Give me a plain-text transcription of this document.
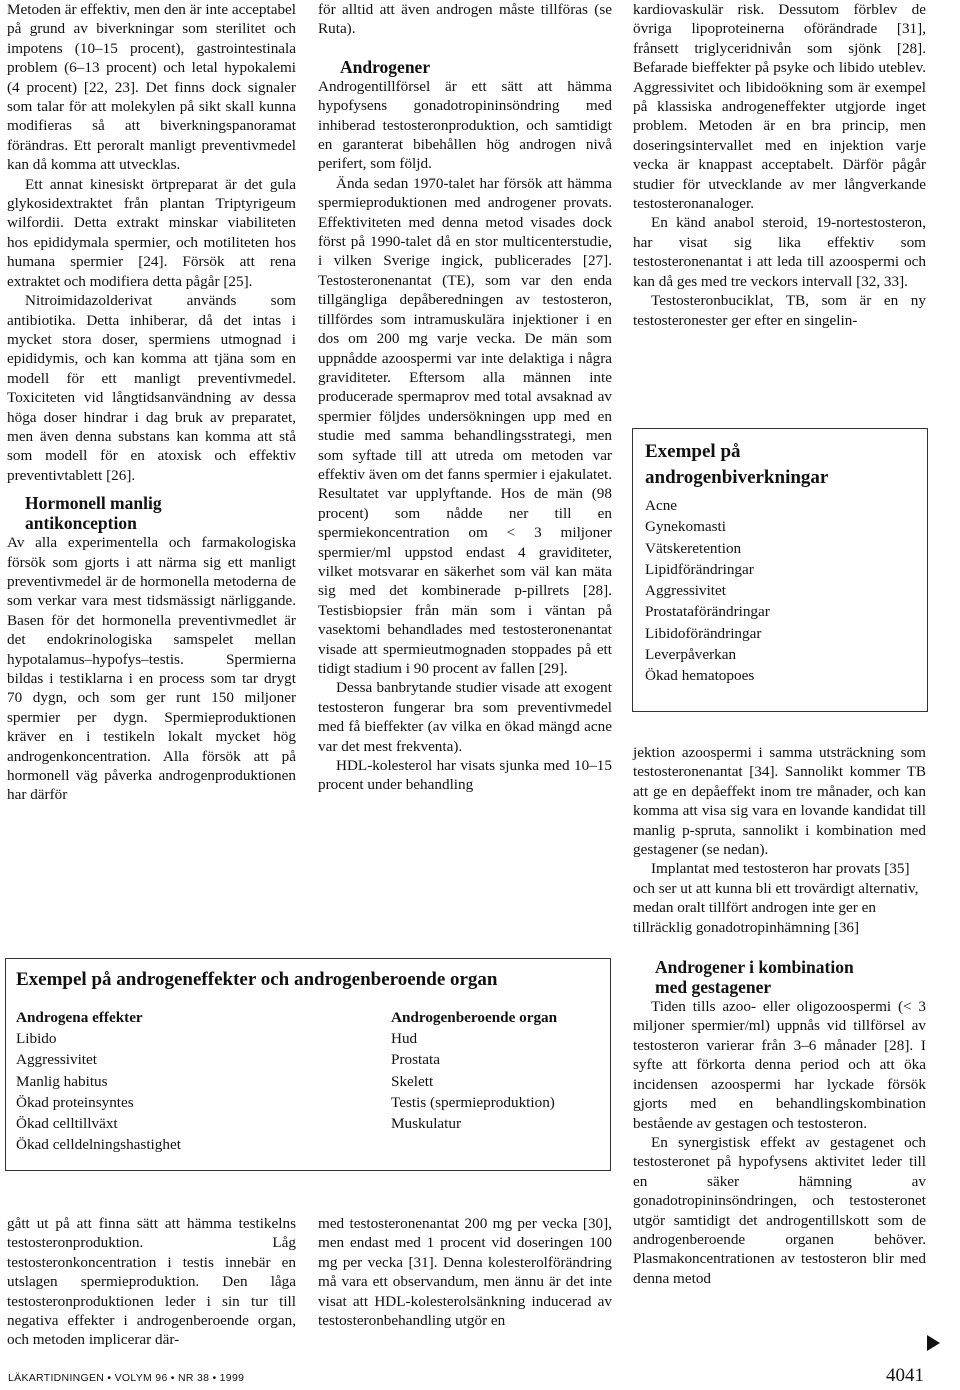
Metoden är effektiv, men den är inte acceptabel på grund av biverkningar som sterilitet och impotens (10–15 procent), gastrointestinala problem (6–13 procent) och letal hypokalemi (4 procent) [22, 23]. Det finns dock signaler som talar för att molekylen på sikt skall kunna modifieras så att biverkningspanoramat förändras. Ett peroralt manligt preventivmedel kan då komma att utvecklas.

Ett annat kinesiskt örtpreparat är det gula glykosidextraktet från plantan Triptyrigeum wilfordii. Detta extrakt minskar viabiliteten hos epididymala spermier, och motiliteten hos humana spermier [24]. Försök att rena extraktet och modifiera detta pågår [25].

Nitroimidazolderivat används som antibiotika. Detta inhiberar, då det intas i mycket stora doser, spermiens utmognad i epididymis, och kan komma att tjäna som en modell för ett manligt preventivmedel. Toxiciteten vid långtidsanvändning av dessa höga doser hindrar i dag bruk av preparatet, men även denna substans kan komma att stå som modell för en atoxisk och effektiv preventivtablett [26].

Hormonell manlig antikonception

Av alla experimentella och farmakologiska försök som gjorts i att närma sig ett manligt preventivmedel är de hormonella metoderna de som verkar vara mest tidsmässigt närliggande. Basen för det hormonella preventivmedlet är det endokrinologiska samspelet mellan hypotalamus–hypofys–testis. Spermierna bildas i testiklarna i en process som tar drygt 70 dygn, och som ger runt 150 miljoner spermier per dygn. Spermieproduktionen kräver en i testikeln lokalt mycket hög androgenkoncentration. Alla försök att på hormonell väg påverka androgenproduktionen har därför

för alltid att även androgen måste tillföras (se Ruta).

Androgener

Androgentillförsel är ett sätt att hämma hypofysens gonadotropininsöndring med inhiberad testosteronproduktion, och samtidigt en garanterat bibehållen hög androgen nivå perifert, som följd.

Ända sedan 1970-talet har försök att hämma spermieproduktionen med androgener provats. Effektiviteten med denna metod visades dock först på 1990-talet då en stor multicenterstudie, i vilken Sverige ingick, publicerades [27]. Testosteronenantat (TE), som var den enda tillgängliga depåberedningen av testosteron, tillfördes som intramuskulära injektioner i en dos om 200 mg varje vecka. De män som uppnådde azoospermi var inte delaktiga i några graviditeter. Eftersom alla männen inte producerade spermaprov med total avsaknad av spermier följdes undersökningen upp med en studie med samma behandlingsstrategi, men som syftade till att utreda om metoden var effektiv även om det fanns spermier i ejakulatet. Resultatet var upplyftande. Hos de män (98 procent) som nådde ner till en spermiekoncentration om < 3 miljoner spermier/ml uppstod endast 4 graviditeter, vilket motsvarar en säkerhet som väl kan mäta sig med det kombinerade p-pillrets [28]. Testisbiopsier från män som i väntan på vasektomi behandlades med testosteronenantat visade att spermieutmognaden stoppades på ett tidigt stadium i 90 procent av fallen [29].

Dessa banbrytande studier visade att exogent testosteron fungerar bra som preventivmedel med få bieffekter (av vilka en ökad mängd acne var det mest frekventa).

HDL-kolesterol har visats sjunka med 10–15 procent under behandling

kardiovaskulär risk. Dessutom förblev de övriga lipoproteinerna oförändrade [31], frånsett triglyceridnivån som sjönk [28]. Befarade bieffekter på psyke och libido uteblev. Aggressivitet och libidoökning som är exempel på klassiska androgeneffekter utgjorde inget problem. Metoden är en bra princip, men doseringsintervallet med en injektion varje vecka är knappast acceptabelt. Därför pågår studier för utvecklande av mer långverkande testosteronanaloger.

En känd anabol steroid, 19-nortestosteron, har visat sig lika effektiv som testosteronenantat i att leda till azoospermi och kan då ges med tre veckors intervall [32, 33].

Testosteronbuciklat, TB, som är en ny testosteronester ger efter en singelin-

Exempel på androgenbiverkningar
Acne
Gynekomasti
Vätskeretention
Lipidförändringar
Aggressivitet
Prostataförändringar
Libidoförändringar
Leverpåverkan
Ökad hematopoes

jektion azoospermi i samma utsträckning som testosteronenantat [34]. Sannolikt kommer TB att ge en depåeffekt inom tre månader, och kan komma att visa sig vara en lovande kandidat till manlig p-spruta, sannolikt i kombination med gestagener (se nedan).

Implantat med testosteron har provats [35] och ser ut att kunna bli ett trovärdigt alternativ, medan oralt tillfört androgen inte ger en tillräcklig gonadotropinhämning [36]

Androgener i kombination med gestagener

Tiden tills azoo- eller oligozoospermi (< 3 miljoner spermier/ml) uppnås vid tillförsel av testosteron varierar från 3–6 månader [28]. I syfte att förkorta denna period och att öka incidensen azoospermi har lyckade försök gjorts med en behandlingskombination bestående av gestagen och testosteron.

En synergistisk effekt av gestagenet och testosteronet på hypofysens aktivitet leder till en säker hämning av gonadotropininsöndringen, och testosteronet utgör samtidigt det androgentillskott som de androgenberoende organen behöver. Plasmakoncentrationen av testosteron blir med denna metod

Exempel på androgeneffekter och androgenberoende organ
Androgena effekter
Libido
Aggressivitet
Manlig habitus
Ökad proteinsyntes
Ökad celltillväxt
Ökad celldelningshastighet
Androgenberoende organ
Hud
Prostata
Skelett
Testis (spermieproduktion)
Muskulatur

gått ut på att finna sätt att hämma testikelns testosteronproduktion. Låg testosteronkoncentration i testis innebär en utslagen spermieproduktion. Den låga testosteronproduktionen leder i sin tur till negativa effekter i androgenberoende organ, och metoden implicerar där-

med testosteronenantat 200 mg per vecka [30], men endast med 1 procent vid doseringen 100 mg per vecka [31]. Denna kolesterolförändring må vara ett observandum, men ännu är det inte visat att HDL-kolesterolsänkning inducerad av testosteronbehandling utgör en

LÄKARTIDNINGEN • VOLYM 96 • NR 38 • 1999	4041
